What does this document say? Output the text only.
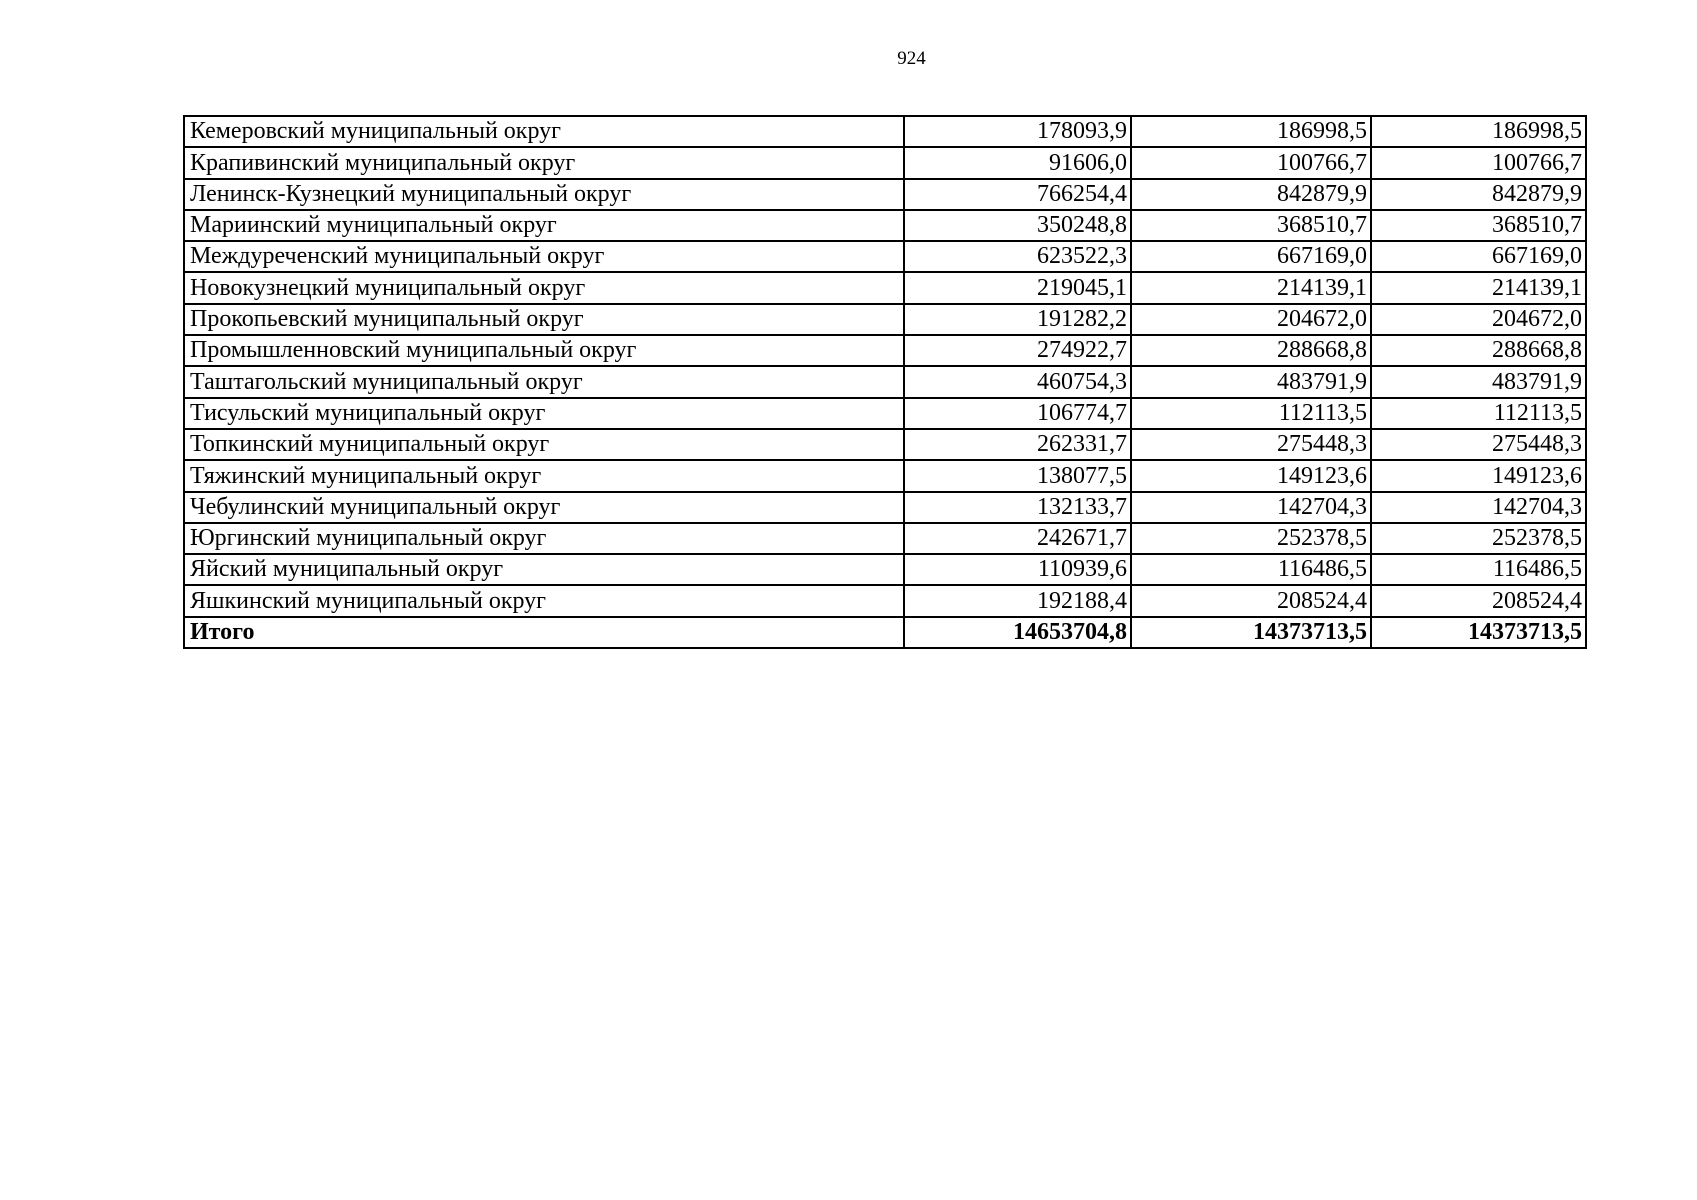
924
Кемеровский муниципальный округ	178093,9	186998,5	186998,5
Крапивинский муниципальный округ	91606,0	100766,7	100766,7
Ленинск-Кузнецкий муниципальный округ	766254,4	842879,9	842879,9
Мариинский муниципальный округ	350248,8	368510,7	368510,7
Междуреченский муниципальный округ	623522,3	667169,0	667169,0
Новокузнецкий муниципальный округ	219045,1	214139,1	214139,1
Прокопьевский муниципальный округ	191282,2	204672,0	204672,0
Промышленновский муниципальный округ	274922,7	288668,8	288668,8
Таштагольский муниципальный округ	460754,3	483791,9	483791,9
Тисульский муниципальный округ	106774,7	112113,5	112113,5
Топкинский муниципальный округ	262331,7	275448,3	275448,3
Тяжинский муниципальный округ	138077,5	149123,6	149123,6
Чебулинский муниципальный округ	132133,7	142704,3	142704,3
Юргинский муниципальный округ	242671,7	252378,5	252378,5
Яйский муниципальный округ	110939,6	116486,5	116486,5
Яшкинский муниципальный округ	192188,4	208524,4	208524,4
Итого	14653704,8	14373713,5	14373713,5
